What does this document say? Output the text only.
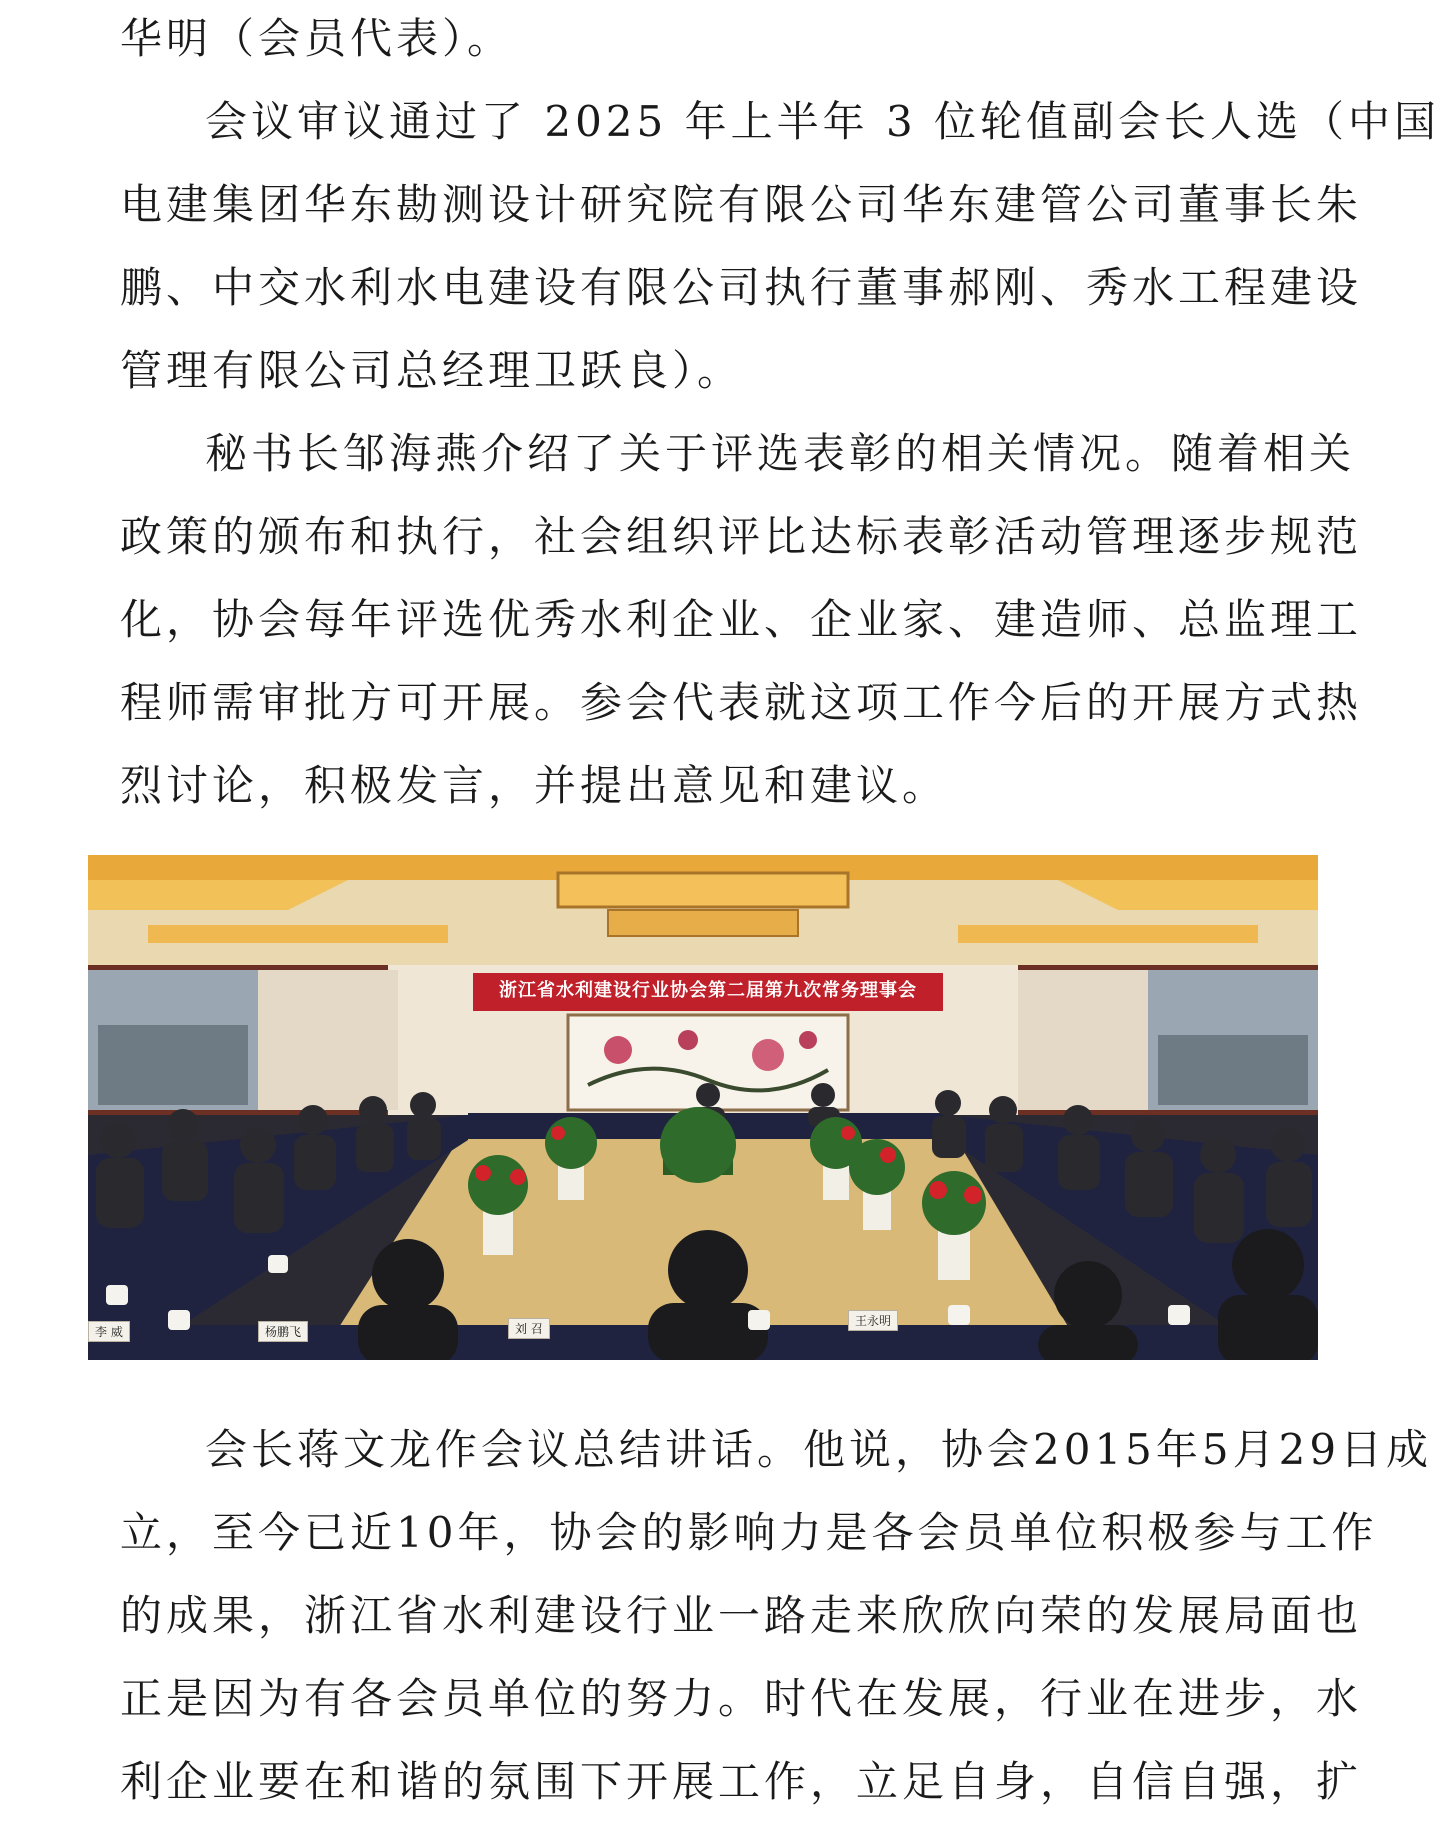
华明（会员代表）。
会议审议通过了 2025 年上半年 3 位轮值副会长人选（中国
电建集团华东勘测设计研究院有限公司华东建管公司董事长朱
鹏、中交水利水电建设有限公司执行董事郝刚、秀水工程建设
管理有限公司总经理卫跃良）。
秘书长邹海燕介绍了关于评选表彰的相关情况。随着相关
政策的颁布和执行，社会组织评比达标表彰活动管理逐步规范
化，协会每年评选优秀水利企业、企业家、建造师、总监理工
程师需审批方可开展。参会代表就这项工作今后的开展方式热
烈讨论，积极发言，并提出意见和建议。
浙江省水利建设行业协会第二届第九次常务理事会
李 威	杨鹏飞	刘 召
王永明
会长蒋文龙作会议总结讲话。他说，协会2015年5月29日成
立，至今已近10年，协会的影响力是各会员单位积极参与工作
的成果，浙江省水利建设行业一路走来欣欣向荣的发展局面也
正是因为有各会员单位的努力。时代在发展，行业在进步，水
利企业要在和谐的氛围下开展工作，立足自身，自信自强，扩
